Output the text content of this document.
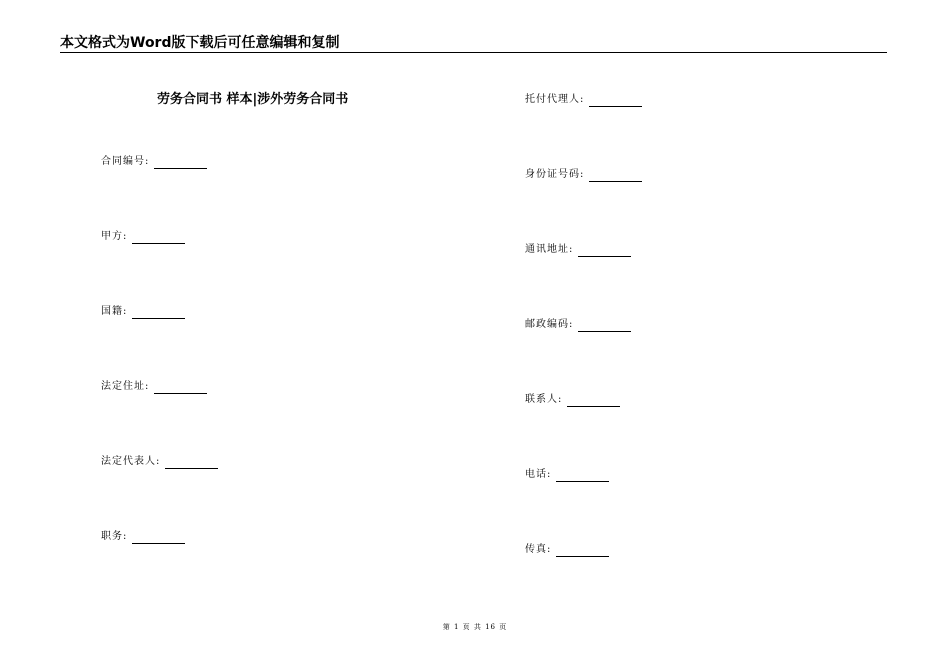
本文格式为Word版下载后可任意编辑和复制
劳务合同书 样本|涉外劳务合同书
合同编号:
甲方:
国籍:
法定住址:
法定代表人:
职务:
托付代理人:
身份证号码:
通讯地址:
邮政编码:
联系人:
电话:
传真:
第 1 页 共 16 页
